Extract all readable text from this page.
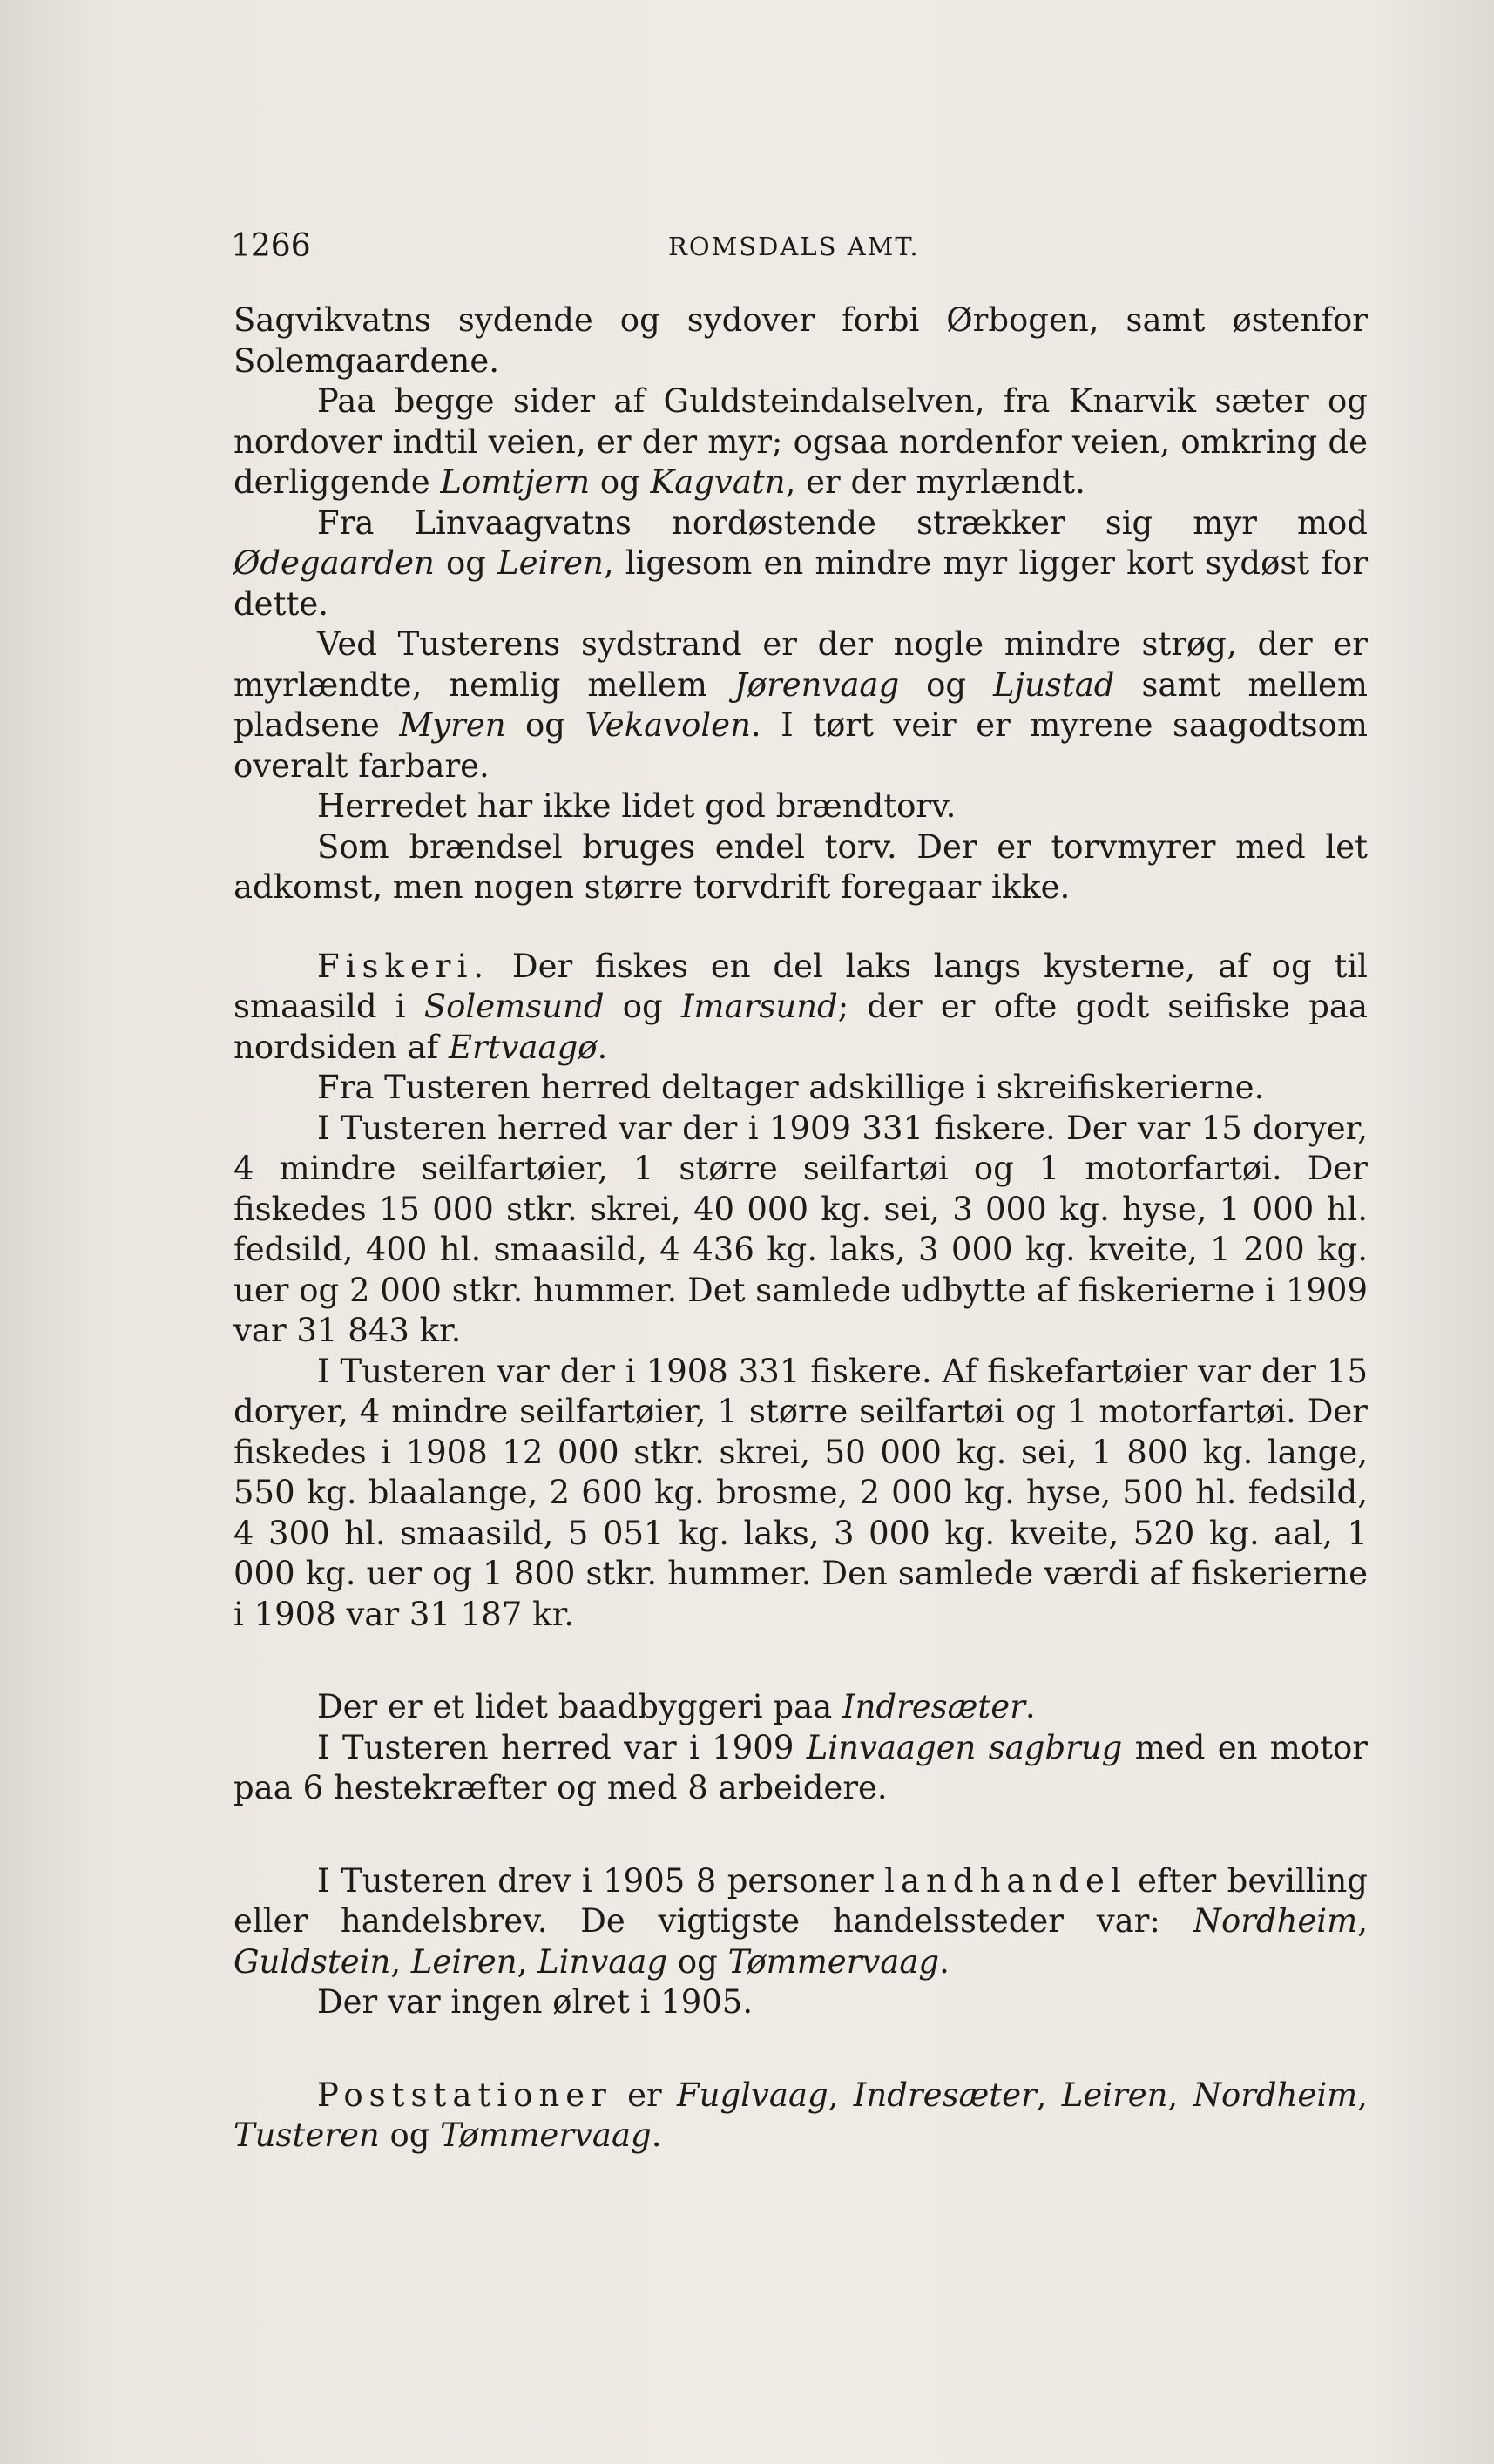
1266	ROMSDALS AMT.

Sagvikvatns sydende og sydover forbi Ørbogen, samt østenfor Solemgaardene.

Paa begge sider af Guldsteindalselven, fra Knarvik sæter og nordover indtil veien, er der myr; ogsaa nordenfor veien, omkring de derliggende Lomtjern og Kagvatn, er der myrlændt.

Fra Linvaagvatns nordøstende strækker sig myr mod Ødegaarden og Leiren, ligesom en mindre myr ligger kort sydøst for dette.

Ved Tusterens sydstrand er der nogle mindre strøg, der er myrlændte, nemlig mellem Jørenvaag og Ljustad samt mellem pladsene Myren og Vekavolen. I tørt veir er myrene saagodtsom overalt farbare.

Herredet har ikke lidet god brændtorv.

Som brændsel bruges endel torv. Der er torvmyrer med let adkomst, men nogen større torvdrift foregaar ikke.

Fiskeri. Der fiskes en del laks langs kysterne, af og til smaasild i Solemsund og Imarsund; der er ofte godt seifiske paa nordsiden af Ertvaagø.

Fra Tusteren herred deltager adskillige i skreifiskerierne.

I Tusteren herred var der i 1909 331 fiskere. Der var 15 doryer, 4 mindre seilfartøier, 1 større seilfartøi og 1 motorfartøi. Der fiskedes 15 000 stkr. skrei, 40 000 kg. sei, 3 000 kg. hyse, 1 000 hl. fedsild, 400 hl. smaasild, 4 436 kg. laks, 3 000 kg. kveite, 1 200 kg. uer og 2 000 stkr. hummer. Det samlede udbytte af fiskerierne i 1909 var 31 843 kr.

I Tusteren var der i 1908 331 fiskere. Af fiskefartøier var der 15 doryer, 4 mindre seilfartøier, 1 større seilfartøi og 1 motorfartøi. Der fiskedes i 1908 12 000 stkr. skrei, 50 000 kg. sei, 1 800 kg. lange, 550 kg. blaalange, 2 600 kg. brosme, 2 000 kg. hyse, 500 hl. fedsild, 4 300 hl. smaasild, 5 051 kg. laks, 3 000 kg. kveite, 520 kg. aal, 1 000 kg. uer og 1 800 stkr. hummer. Den samlede værdi af fiskerierne i 1908 var 31 187 kr.

Der er et lidet baadbyggeri paa Indresæter.

I Tusteren herred var i 1909 Linvaagen sagbrug med en motor paa 6 hestekræfter og med 8 arbeidere.

I Tusteren drev i 1905 8 personer landhandel efter bevilling eller handelsbrev. De vigtigste handelssteder var: Nordheim, Guldstein, Leiren, Linvaag og Tømmervaag.

Der var ingen ølret i 1905.

Poststationer er Fuglvaag, Indresæter, Leiren, Nordheim, Tusteren og Tømmervaag.
